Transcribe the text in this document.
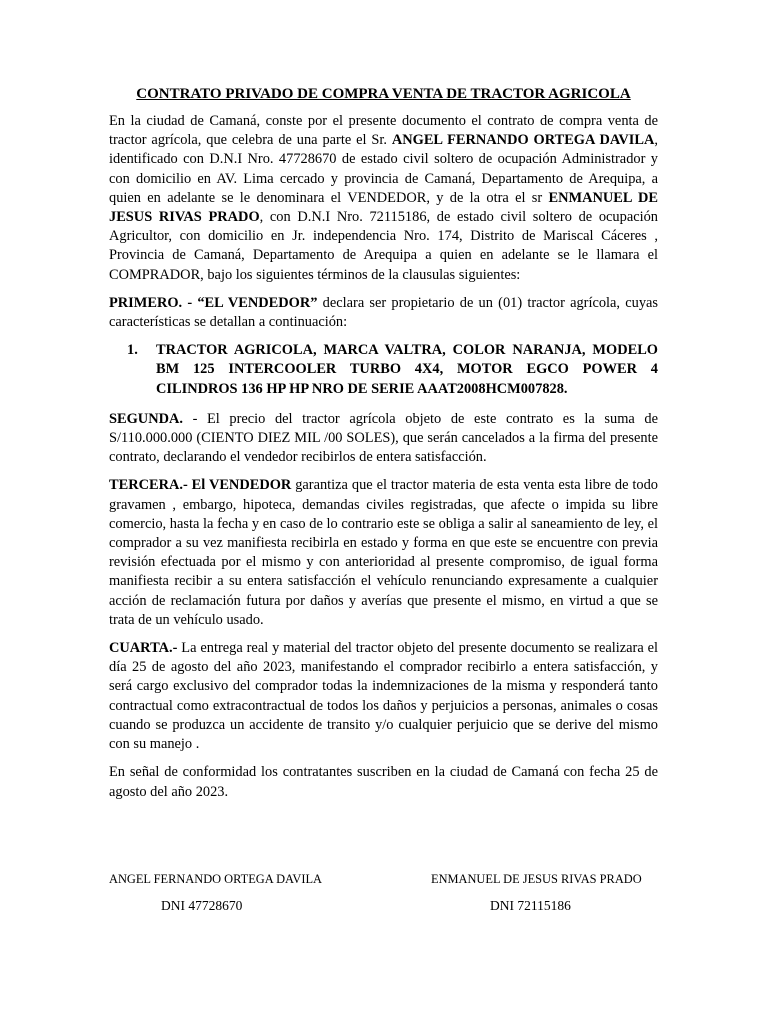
CONTRATO PRIVADO DE COMPRA VENTA DE TRACTOR AGRICOLA

En la ciudad de Camaná, conste por el presente documento el contrato de compra venta de tractor agrícola, que celebra de una parte el Sr. ANGEL FERNANDO ORTEGA DAVILA, identificado con D.N.I Nro. 47728670 de estado civil soltero de ocupación Administrador y con domicilio en AV. Lima cercado y provincia de Camaná, Departamento de Arequipa, a quien en adelante se le denominara el VENDEDOR, y de la otra el sr ENMANUEL DE JESUS RIVAS PRADO, con D.N.I Nro. 72115186, de estado civil soltero de ocupación Agricultor, con domicilio en Jr. independencia Nro. 174, Distrito de Mariscal Cáceres , Provincia de Camaná, Departamento de Arequipa a quien en adelante se le llamara el COMPRADOR, bajo los siguientes términos de la clausulas siguientes:

PRIMERO. - “EL VENDEDOR” declara ser propietario de un (01) tractor agrícola, cuyas características se detallan a continuación:

1.	TRACTOR AGRICOLA, MARCA VALTRA, COLOR NARANJA, MODELO BM 125 INTERCOOLER TURBO 4X4, MOTOR EGCO POWER 4 CILINDROS 136 HP HP NRO DE SERIE AAAT2008HCM007828.

SEGUNDA. - El precio del tractor agrícola objeto de este contrato es la suma de S/110.000.000 (CIENTO DIEZ MIL /00 SOLES), que serán cancelados a la firma del presente contrato, declarando el vendedor recibirlos de entera satisfacción.

TERCERA.- El VENDEDOR garantiza que el tractor materia de esta venta esta libre de todo gravamen , embargo, hipoteca, demandas civiles registradas, que afecte o impida su libre comercio, hasta la fecha y en caso de lo contrario este se obliga a salir al saneamiento de ley, el comprador a su vez manifiesta recibirla en estado y forma en que este se encuentre con previa revisión efectuada por el mismo y con anterioridad al presente compromiso, de igual forma manifiesta recibir a su entera satisfacción el vehículo renunciando expresamente a cualquier acción de reclamación futura por daños y averías que presente el mismo, en virtud a que se trata de un vehículo usado.

CUARTA.- La entrega real y material del tractor objeto del presente documento se realizara el día 25 de agosto del año 2023, manifestando el comprador recibirlo a entera satisfacción, y será cargo exclusivo del comprador todas la indemnizaciones de la misma y responderá tanto contractual como extracontractual de todos los daños y perjuicios a personas, animales o cosas cuando se produzca un accidente de transito y/o cualquier perjuicio que se derive del mismo con su manejo .

En señal de conformidad los contratantes suscriben en la ciudad de Camaná con fecha 25 de agosto del año 2023.

ANGEL FERNANDO ORTEGA DAVILA	ENMANUEL DE JESUS RIVAS PRADO
DNI 47728670	DNI 72115186
